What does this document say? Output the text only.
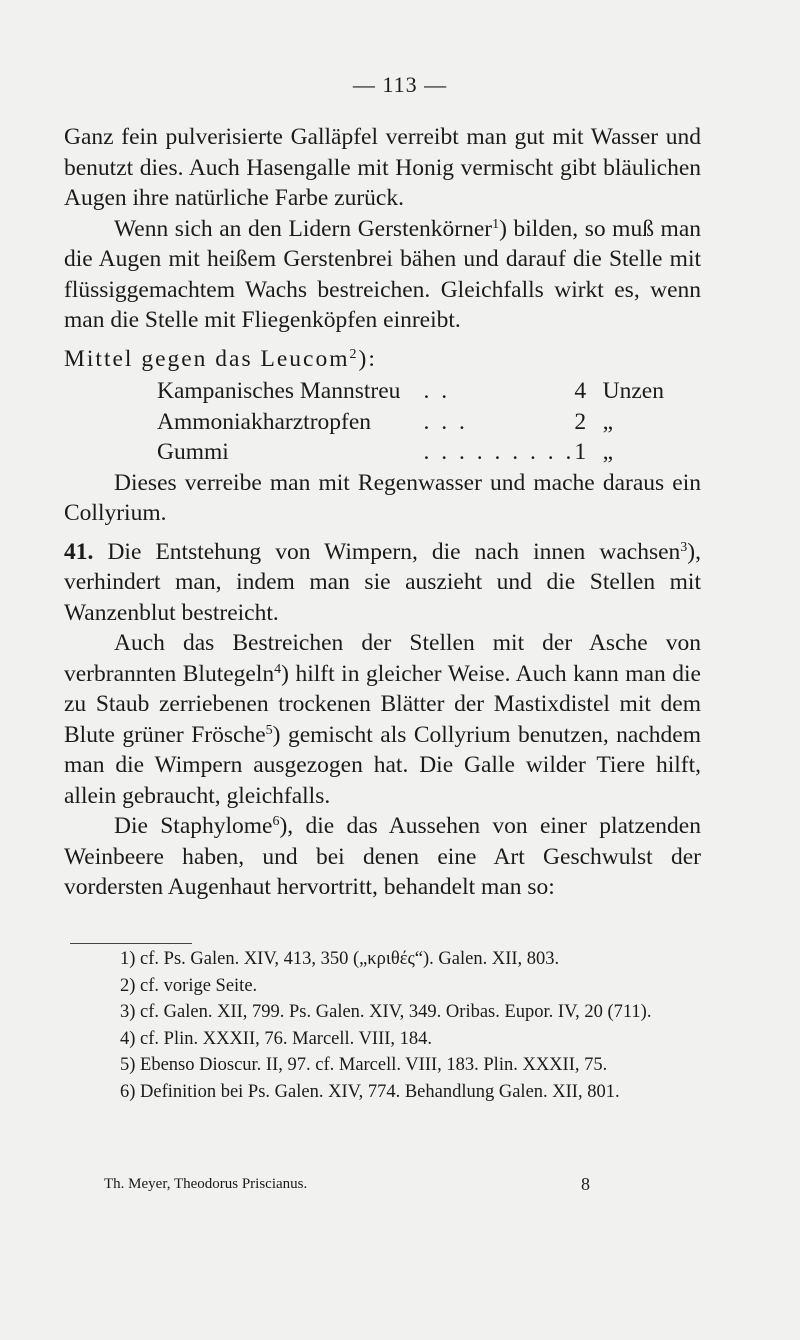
— 113 —

Ganz fein pulverisierte Galläpfel verreibt man gut mit Wasser und benutzt dies. Auch Hasengalle mit Honig vermischt gibt bläulichen Augen ihre natürliche Farbe zurück.

Wenn sich an den Lidern Gerstenkörner$^1$) bilden, so muß man die Augen mit heißem Gerstenbrei bähen und darauf die Stelle mit flüssiggemachtem Wachs bestreichen. Gleichfalls wirkt es, wenn man die Stelle mit Fliegenköpfen einreibt.

Mittel gegen das Leucom$^2$):

Kampanisches Mannstreu	. .	4	Unzen
Ammoniakharztropfen	. . .	2	„
Gummi	. . . . . . . . .	1	„

Dieses verreibe man mit Regenwasser und mache daraus ein Collyrium.

41. Die Entstehung von Wimpern, die nach innen wachsen$^3$), verhindert man, indem man sie auszieht und die Stellen mit Wanzenblut bestreicht.

Auch das Bestreichen der Stellen mit der Asche von verbrannten Blutegeln$^4$) hilft in gleicher Weise. Auch kann man die zu Staub zerriebenen trockenen Blätter der Mastixdistel mit dem Blute grüner Frösche$^5$) gemischt als Collyrium benutzen, nachdem man die Wimpern ausgezogen hat. Die Galle wilder Tiere hilft, allein gebraucht, gleichfalls.

Die Staphylome$^6$), die das Aussehen von einer platzenden Weinbeere haben, und bei denen eine Art Geschwulst der vordersten Augenhaut hervortritt, behandelt man so:

1) cf. Ps. Galen. XIV, 413, 350 („κριθές“). Galen. XII, 803.

2) cf. vorige Seite.

3) cf. Galen. XII, 799. Ps. Galen. XIV, 349. Oribas. Eupor. IV, 20 (711).

4) cf. Plin. XXXII, 76. Marcell. VIII, 184.

5) Ebenso Dioscur. II, 97. cf. Marcell. VIII, 183. Plin. XXXII, 75.

6) Definition bei Ps. Galen. XIV, 774. Behandlung Galen. XII, 801.

Th. Meyer, Theodorus Priscianus.	8
